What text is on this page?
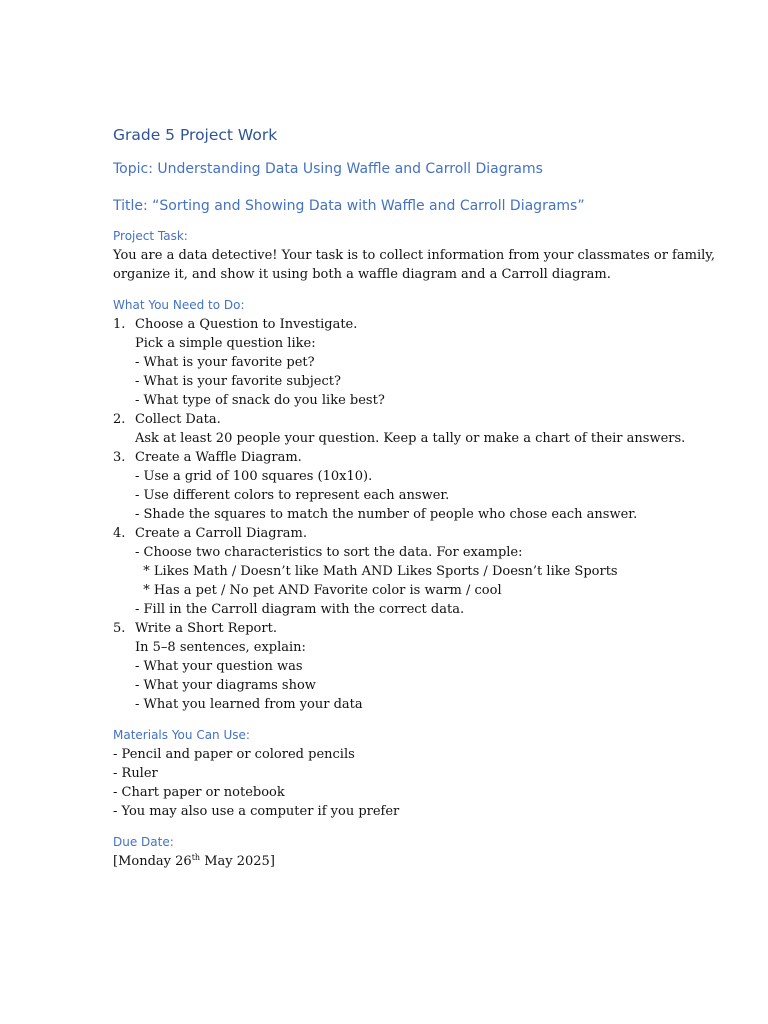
Grade 5 Project Work
Topic: Understanding Data Using Waffle and Carroll Diagrams
Title: “Sorting and Showing Data with Waffle and Carroll Diagrams”
Project Task:

You are a data detective! Your task is to collect information from your classmates or family,
organize it, and show it using both a waffle diagram and a Carroll diagram.

What You Need to Do:
1. Choose a Question to Investigate.
Pick a simple question like:
- What is your favorite pet?
- What is your favorite subject?
- What type of snack do you like best?
2. Collect Data.
Ask at least 20 people your question. Keep a tally or make a chart of their answers.
3. Create a Waffle Diagram.
- Use a grid of 100 squares (10x10).
- Use different colors to represent each answer.
- Shade the squares to match the number of people who chose each answer.
4. Create a Carroll Diagram.
- Choose two characteristics to sort the data. For example:
* Likes Math / Doesn’t like Math AND Likes Sports / Doesn’t like Sports
* Has a pet / No pet AND Favorite color is warm / cool
- Fill in the Carroll diagram with the correct data.
5. Write a Short Report.
In 5–8 sentences, explain:
- What your question was
- What your diagrams show
- What you learned from your data
Materials You Can Use:

- Pencil and paper or colored pencils
- Ruler
- Chart paper or notebook
- You may also use a computer if you prefer

Due Date:

[Monday 26th May 2025]
